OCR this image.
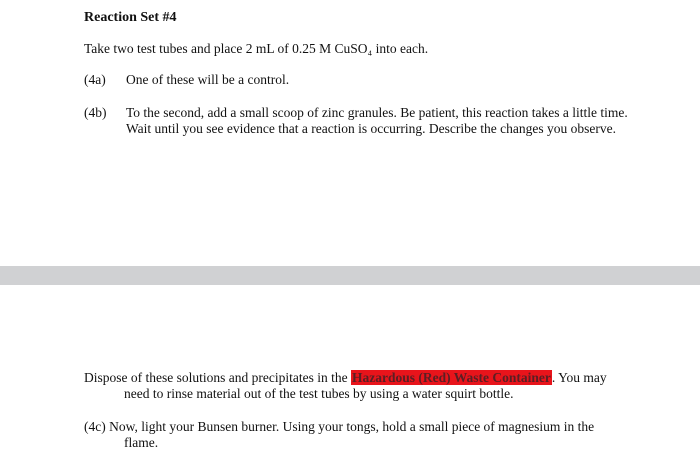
Reaction Set #4
Take two test tubes and place 2 mL of 0.25 M CuSO₄ into each.
(4a) One of these will be a control.
(4b) To the second, add a small scoop of zinc granules. Be patient, this reaction takes a little time. Wait until you see evidence that a reaction is occurring. Describe the changes you observe.
Dispose of these solutions and precipitates in the Hazardous (Red) Waste Container. You may
need to rinse material out of the test tubes by using a water squirt bottle.
(4c) Now, light your Bunsen burner. Using your tongs, hold a small piece of magnesium in the
flame.
